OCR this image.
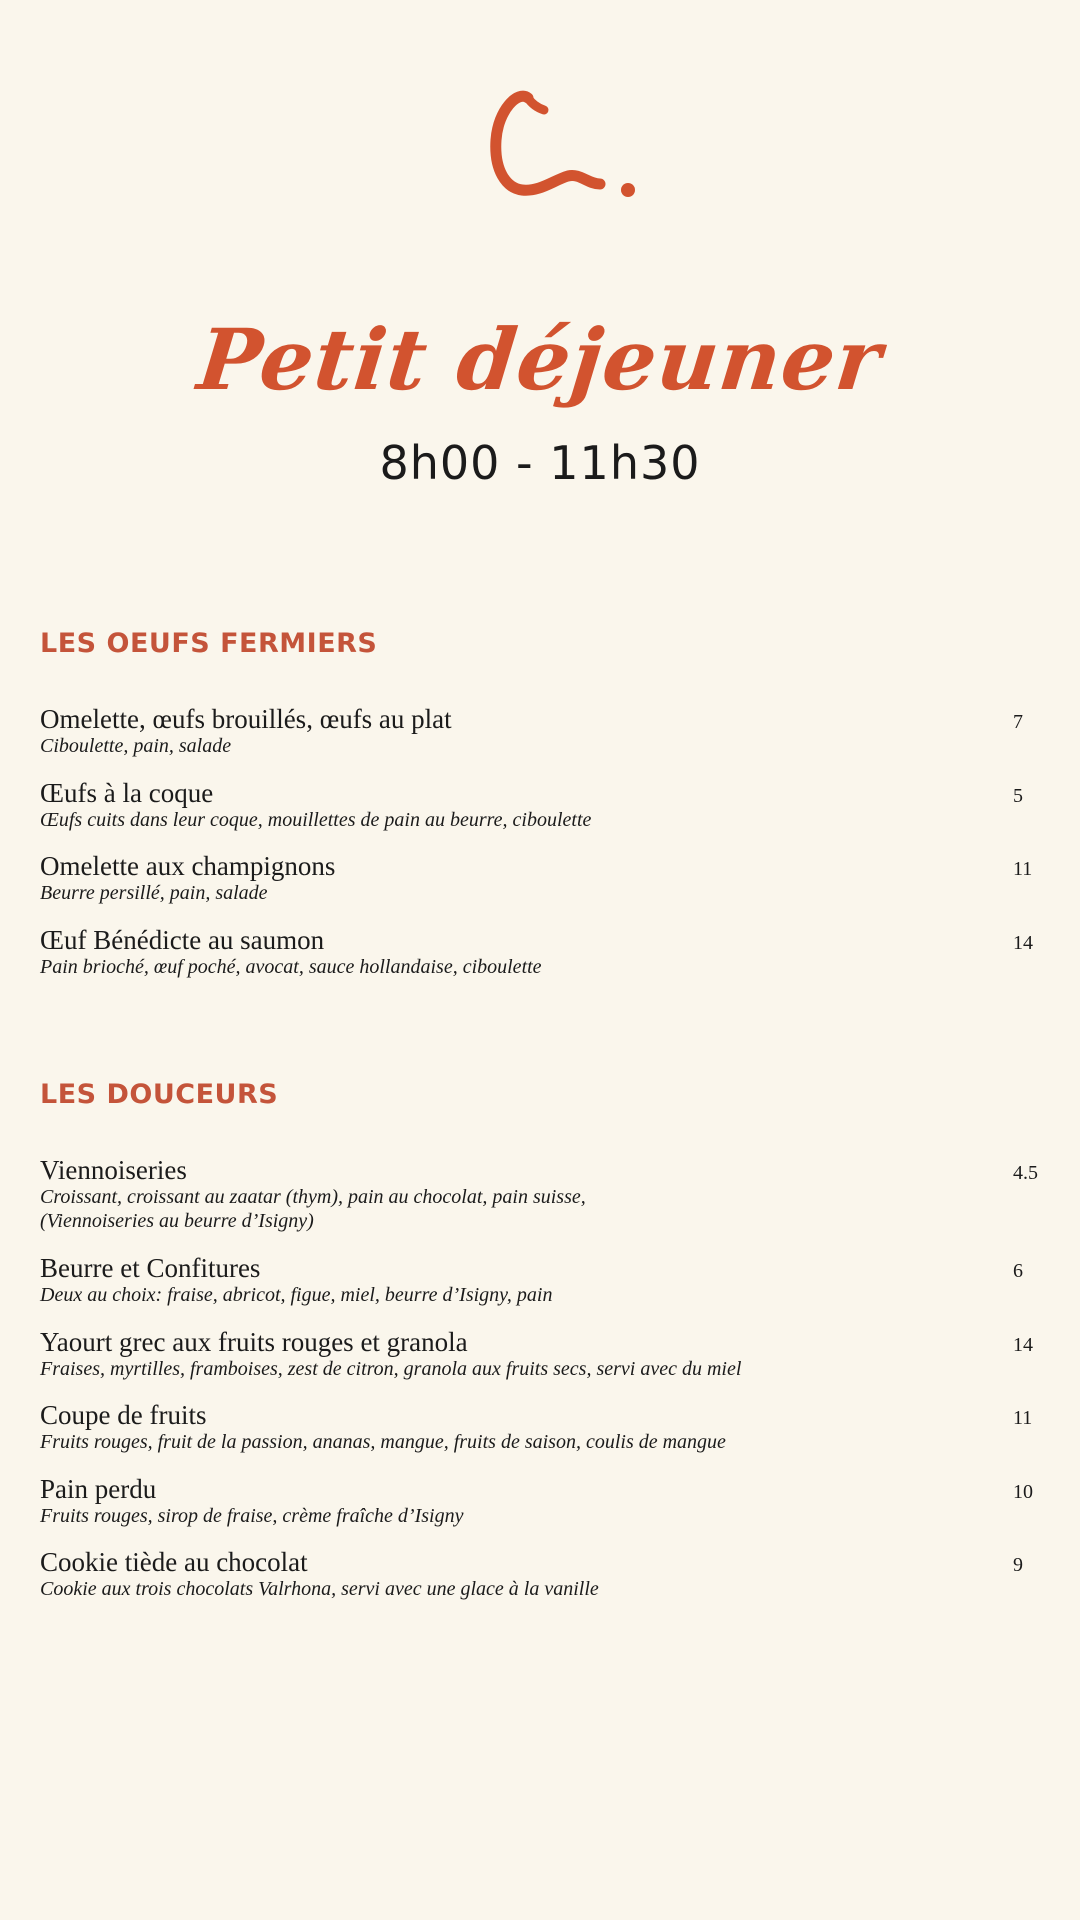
Petit déjeuner
8h00 - 11h30
LES OEUFS FERMIERS
Omelette, œufs brouillés, œufs au plat
Ciboulette, pain, salade
7
Œufs à la coque
Œufs cuits dans leur coque, mouillettes de pain au beurre, ciboulette
5
Omelette aux champignons
Beurre persillé, pain, salade
11
Œuf Bénédicte au saumon
Pain brioché, œuf poché, avocat, sauce hollandaise, ciboulette
14
LES DOUCEURS
Viennoiseries
Croissant, croissant au zaatar (thym), pain au chocolat, pain suisse,
(Viennoiseries au beurre d’Isigny)
4.5
Beurre et Confitures
Deux au choix: fraise, abricot, figue, miel, beurre d’Isigny, pain
6
Yaourt grec aux fruits rouges et granola
Fraises, myrtilles, framboises, zest de citron, granola aux fruits secs, servi avec du miel
14
Coupe de fruits
Fruits rouges, fruit de la passion, ananas, mangue, fruits de saison, coulis de mangue
11
Pain perdu
Fruits rouges, sirop de fraise, crème fraîche d’Isigny
10
Cookie tiède au chocolat
Cookie aux trois chocolats Valrhona, servi avec une glace à la vanille
9
